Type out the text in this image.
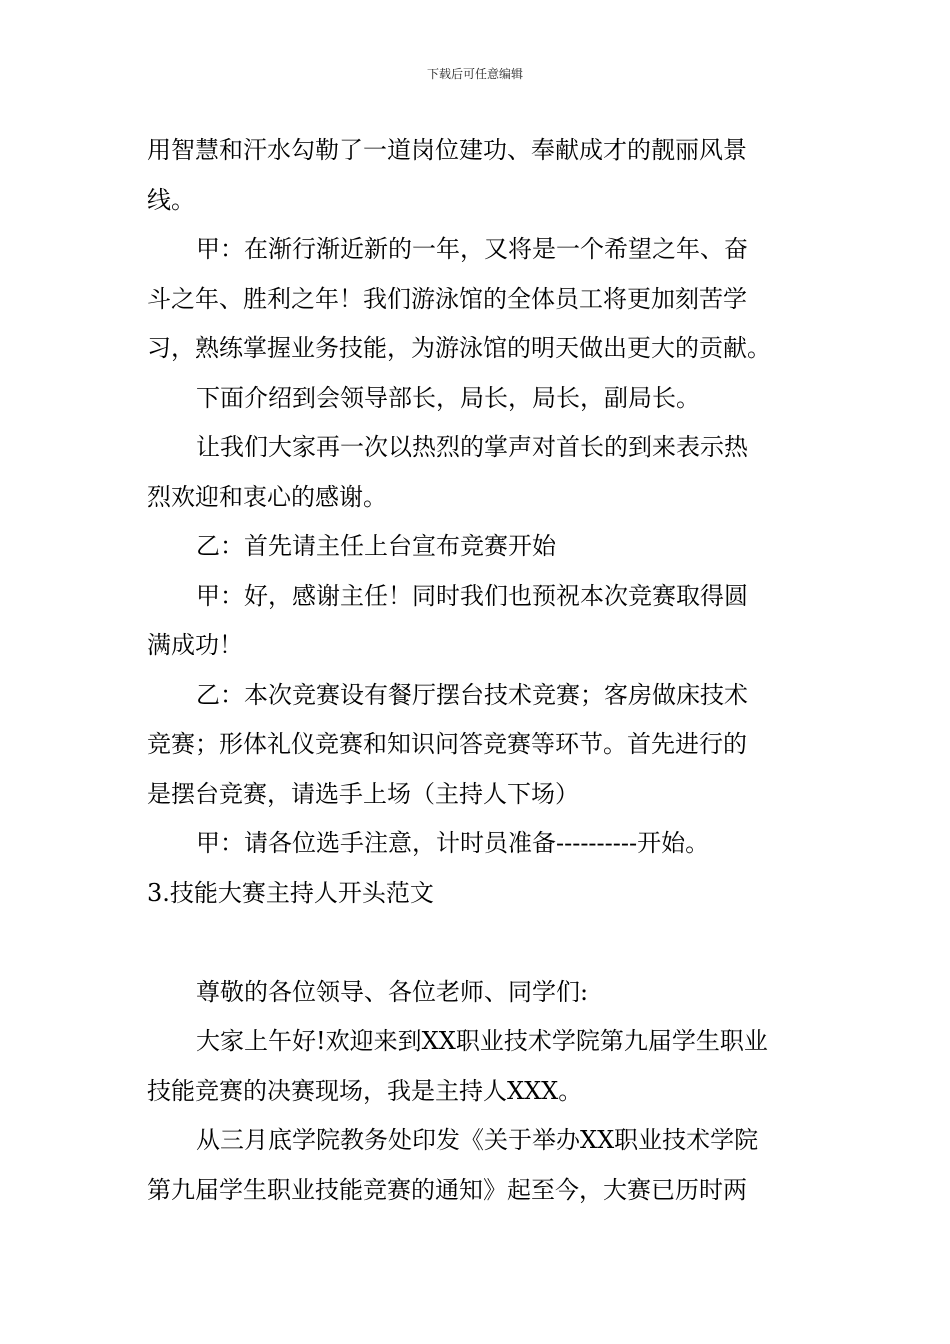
下载后可任意编辑
用智慧和汗水勾勒了一道岗位建功、奉献成才的靓丽风景
线。
甲：在渐行渐近新的一年，又将是一个希望之年、奋
斗之年、胜利之年！我们游泳馆的全体员工将更加刻苦学
习，熟练掌握业务技能，为游泳馆的明天做出更大的贡献。
下面介绍到会领导部长，局长，局长，副局长。
让我们大家再一次以热烈的掌声对首长的到来表示热
烈欢迎和衷心的感谢。
乙：首先请主任上台宣布竞赛开始
甲：好，感谢主任！同时我们也预祝本次竞赛取得圆
满成功！
乙：本次竞赛设有餐厅摆台技术竞赛；客房做床技术
竞赛；形体礼仪竞赛和知识问答竞赛等环节。首先进行的
是摆台竞赛，请选手上场（主持人下场）
甲：请各位选手注意，计时员准备----------开始。
3.技能大赛主持人开头范文
尊敬的各位领导、各位老师、同学们:
大家上午好!欢迎来到XX职业技术学院第九届学生职业
技能竞赛的决赛现场，我是主持人XXX。
从三月底学院教务处印发《关于举办XX职业技术学院
第九届学生职业技能竞赛的通知》起至今，大赛已历时两
